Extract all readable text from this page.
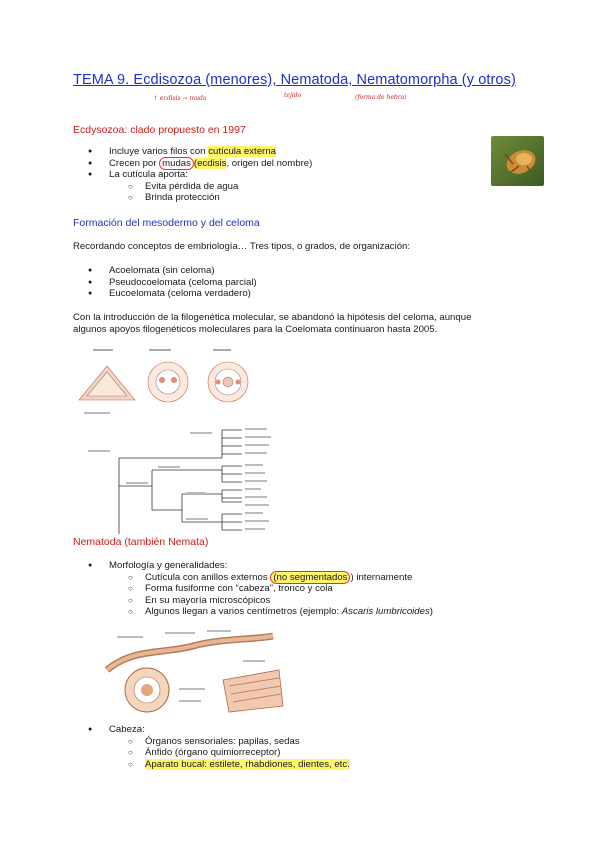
TEMA 9. Ecdisozoa (menores), Nematoda, Nematomorpha (y otros)
↑ ecdisis → muda	tejido	(forma de hebra)
Ecdysozoa: clado propuesto en 1997
● Incluye varios filos con cutícula externa
● Crecen por mudas (ecdisis, origen del nombre)
● La cutícula aporta:
○ Evita pérdida de agua
○ Brinda protección
Formación del mesodermo y del celoma
Recordando conceptos de embriología… Tres tipos, o grados, de organización:
● Acoelomata (sin celoma)
● Pseudocoelomata (celoma parcial)
● Eucoelomata (celoma verdadero)
Con la introducción de la filogenética molecular, se abandonó la hipótesis del celoma, aunque
algunos apoyos filogenéticos moleculares para la Coelomata continuaron hasta 2005.
Nematoda (también Nemata)
● Morfología y generalidades:
○ Cutícula con anillos externos (no segmentados ) internamente
○ Forma fusiforme con “cabeza”, tronco y cola
○ En su mayoría microscópicos
○ Algunos llegan a varios centímetros (ejemplo: Ascaris lumbricoides)
● Cabeza:
○ Órganos sensoriales: papilas, sedas
○ Ánfido (órgano quimiorreceptor)
○ Aparato bucal: estilete, rhabdiones, dientes, etc.
